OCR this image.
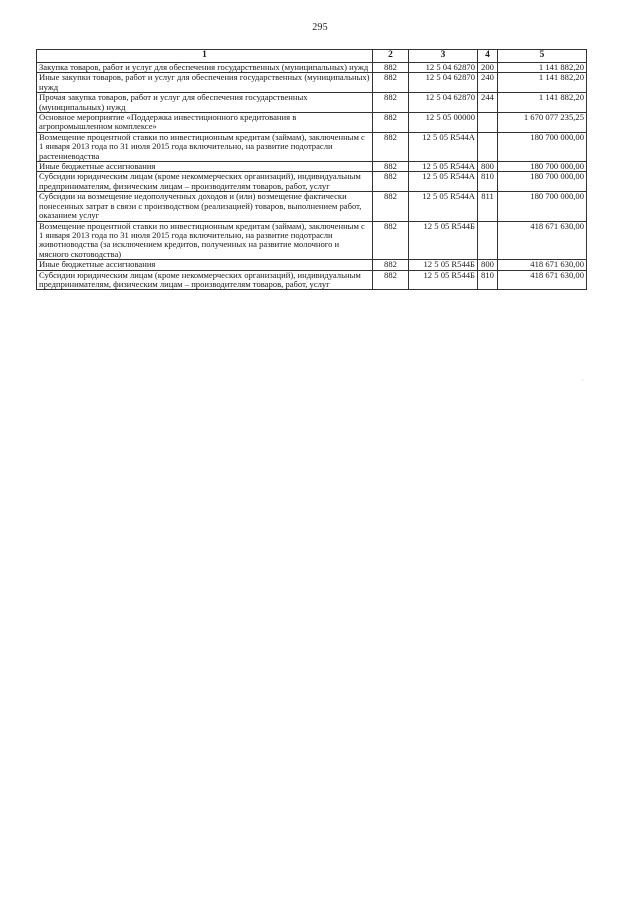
295
1	2	3	4	5
Закупка товаров, работ и услуг для обеспечения государственных (муниципальных) нужд	882	12 5 04 62870	200	1 141 882,20
Иные закупки товаров, работ и услуг для обеспечения государственных (муниципальных) нужд	882	12 5 04 62870	240	1 141 882,20
Прочая закупка товаров, работ и услуг для обеспечения государственных (муниципальных) нужд	882	12 5 04 62870	244	1 141 882,20
Основное мероприятие «Поддержка инвестиционного кредитования в агропромышленном комплексе»	882	12 5 05 00000		1 670 077 235,25
Возмещение процентной ставки по инвестиционным кредитам (займам), заключенным с 1 января 2013 года по 31 июля 2015 года включительно, на развитие подотрасли растениеводства	882	12 5 05 R544А		180 700 000,00
Иные бюджетные ассигнования	882	12 5 05 R544А	800	180 700 000,00
Субсидии юридическим лицам (кроме некоммерческих организаций), индивидуальным предпринимателям, физическим лицам – производителям товаров, работ, услуг	882	12 5 05 R544А	810	180 700 000,00
Субсидии на возмещение недополученных доходов и (или) возмещение фактически понесенных затрат в связи с производством (реализацией) товаров, выполнением работ, оказанием услуг	882	12 5 05 R544А	811	180 700 000,00
Возмещение процентной ставки по инвестиционным кредитам (займам), заключенным с 1 января 2013 года по 31 июля 2015 года включительно, на развитие подотрасли животноводства (за исключением кредитов, полученных на развитие молочного и мясного скотоводства)	882	12 5 05 R544Б		418 671 630,00
Иные бюджетные ассигнования	882	12 5 05 R544Б	800	418 671 630,00
Субсидии юридическим лицам (кроме некоммерческих организаций), индивидуальным предпринимателям, физическим лицам – производителям товаров, работ, услуг	882	12 5 05 R544Б	810	418 671 630,00
·
